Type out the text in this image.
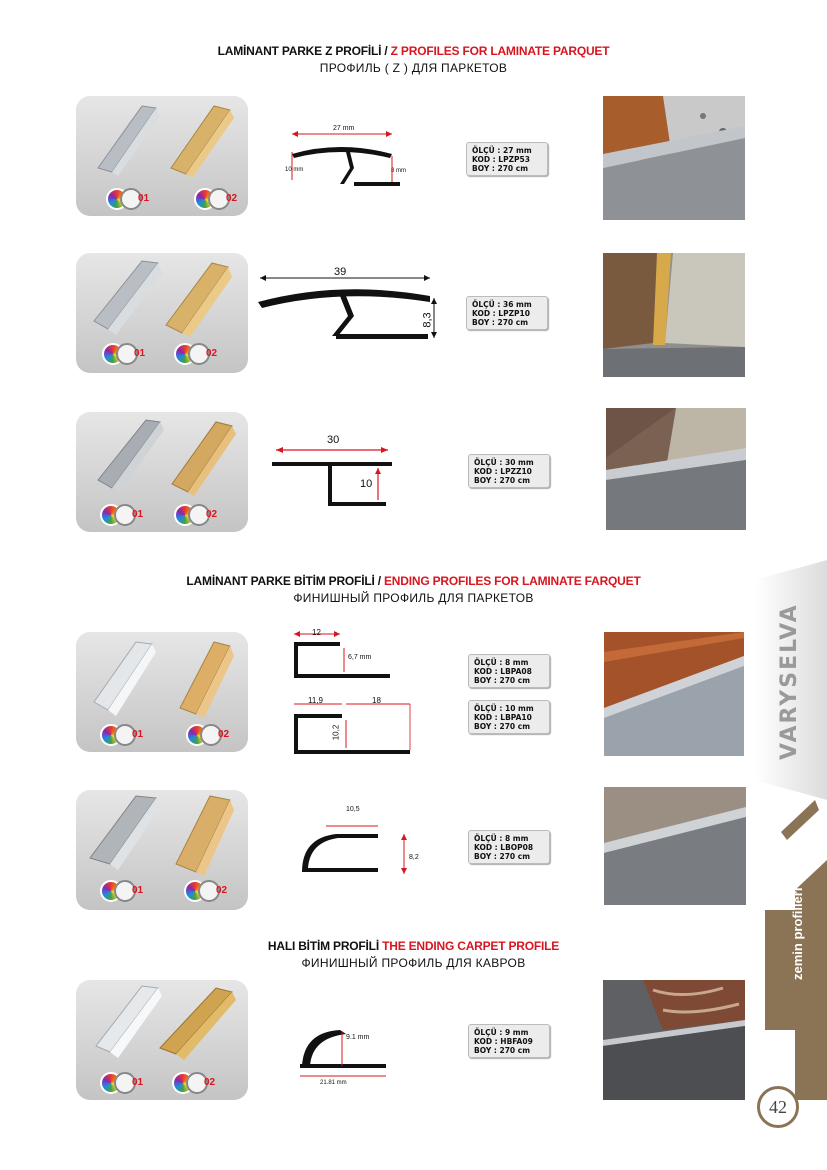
LAMİNANT PARKE Z PROFİLİ / Z PROFILES FOR LAMINATE PARQUET
ПРОФИЛЬ ( Z ) ДЛЯ ПАРКЕТОВ
LAMİNANT PARKE BİTİM PROFİLİ / ENDING PROFILES FOR LAMINATE FARQUET
ФИНИШНЫЙ ПРОФИЛЬ ДЛЯ ПАРКЕТОВ
HALI BİTİM PROFİLİ THE ENDING CARPET PROFILE
ФИНИШНЫЙ ПРОФИЛЬ ДЛЯ КАВРОВ
01	02
01	02
01	02
01	02
01	02
01	02
27 mm
10 mm	8 mm
39
8,3
30
10
12
6,7 mm
11,9	18
10,2
10,5
8,2
9.1 mm
21.81 mm
ÖLÇÜ : 27 mm
KOD : LPZP53
BOY : 270 cm
ÖLÇÜ : 36 mm
KOD : LPZP10
BOY : 270 cm
ÖLÇÜ : 30 mm
KOD : LPZZ10
BOY : 270 cm
ÖLÇÜ : 8 mm
KOD : LBPA08
BOY : 270 cm
ÖLÇÜ : 10 mm
KOD : LBPA10
BOY : 270 cm
ÖLÇÜ : 8 mm
KOD : LBOP08
BOY : 270 cm
ÖLÇÜ : 9 mm
KOD : HBFA09
BOY : 270 cm
VARYSELVA
zemin profilleri
42
